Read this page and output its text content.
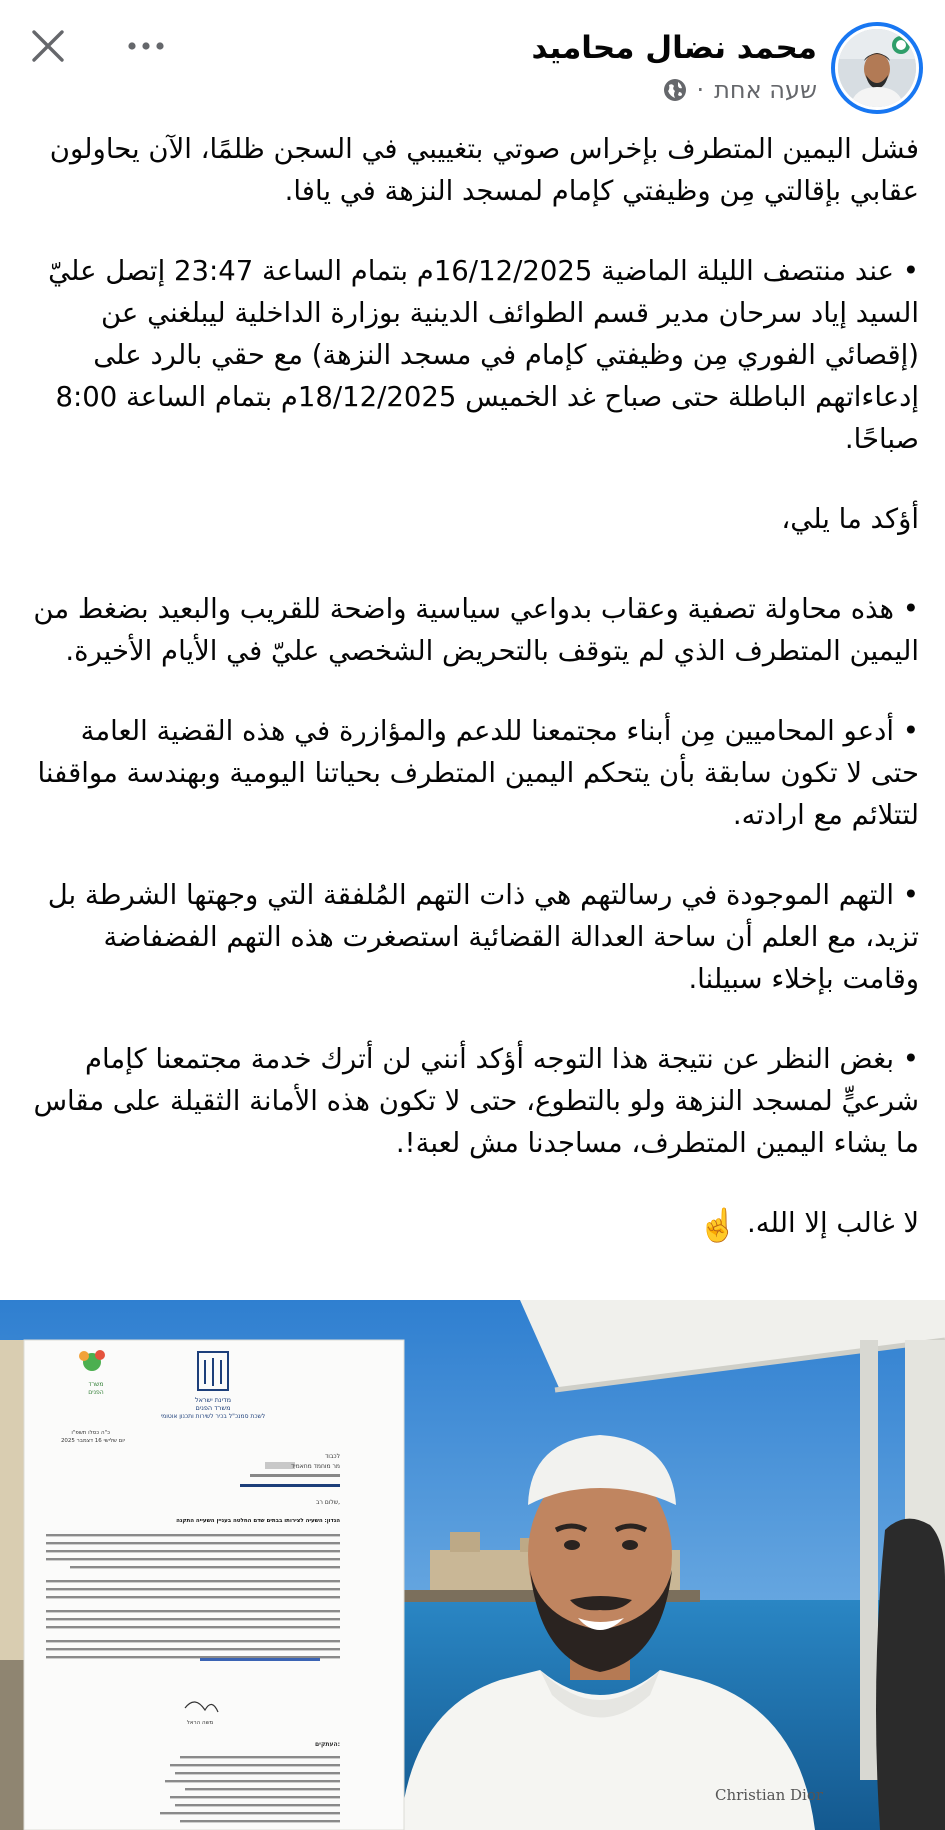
محمد نضال محاميد
שעה אחת
·

فشل اليمين المتطرف بإخراس صوتي بتغييبي في السجن ظلمًا، الآن يحاولون عقابي بإقالتي مِن وظيفتي كإمام لمسجد النزهة في يافا.

• عند منتصف الليلة الماضية 16/12/2025م بتمام الساعة 23:47 إتصل عليّ السيد إياد سرحان مدير قسم الطوائف الدينية بوزارة الداخلية ليبلغني عن (إقصائي الفوري مِن وظيفتي كإمام في مسجد النزهة) مع حقي بالرد على إدعاءاتهم الباطلة حتى صباح غد الخميس 18/12/2025م بتمام الساعة 8:00 صباحًا.

أؤكد ما يلي،

• هذه محاولة تصفية وعقاب بدواعي سياسية واضحة للقريب والبعيد بضغط من اليمين المتطرف الذي لم يتوقف بالتحريض الشخصي عليّ في الأيام الأخيرة.

• أدعو المحاميين مِن أبناء مجتمعنا للدعم والمؤازرة في هذه القضية العامة حتى لا تكون سابقة بأن يتحكم اليمين المتطرف بحياتنا اليومية وبهندسة مواقفنا لتتلائم مع ارادته.

• التهم الموجودة في رسالتهم هي ذات التهم المُلفقة التي وجهتها الشرطة بل تزيد، مع العلم أن ساحة العدالة القضائية استصغرت هذه التهم الفضفاضة وقامت بإخلاء سبيلنا.

• بغض النظر عن نتيجة هذا التوجه أؤكد أنني لن أترك خدمة مجتمعنا كإمام شرعيٍّ لمسجد النزهة ولو بالتطوع، حتى لا تكون هذه الأمانة الثقيلة على مقاس ما يشاء اليمين المتطرف، مساجدنا مش لعبة!.

لا غالب إلا الله. ☝️

Christian Dior
משרד
הפנים
מדינת ישראל
משרד הפנים
לשכת סמנכ"ל בכיר לשירות ותכנון אוטומי
כ"ה כסלו תשפ"ו
יום שלישי 16 דצמבר 2025
לכבוד
מר מוחמד מחאמיד
שלום רב,
הנדון: השעיה לצירותו בבתים שדם החלטה בעניין השעייה התקנה
משה הראל
העתקים:
